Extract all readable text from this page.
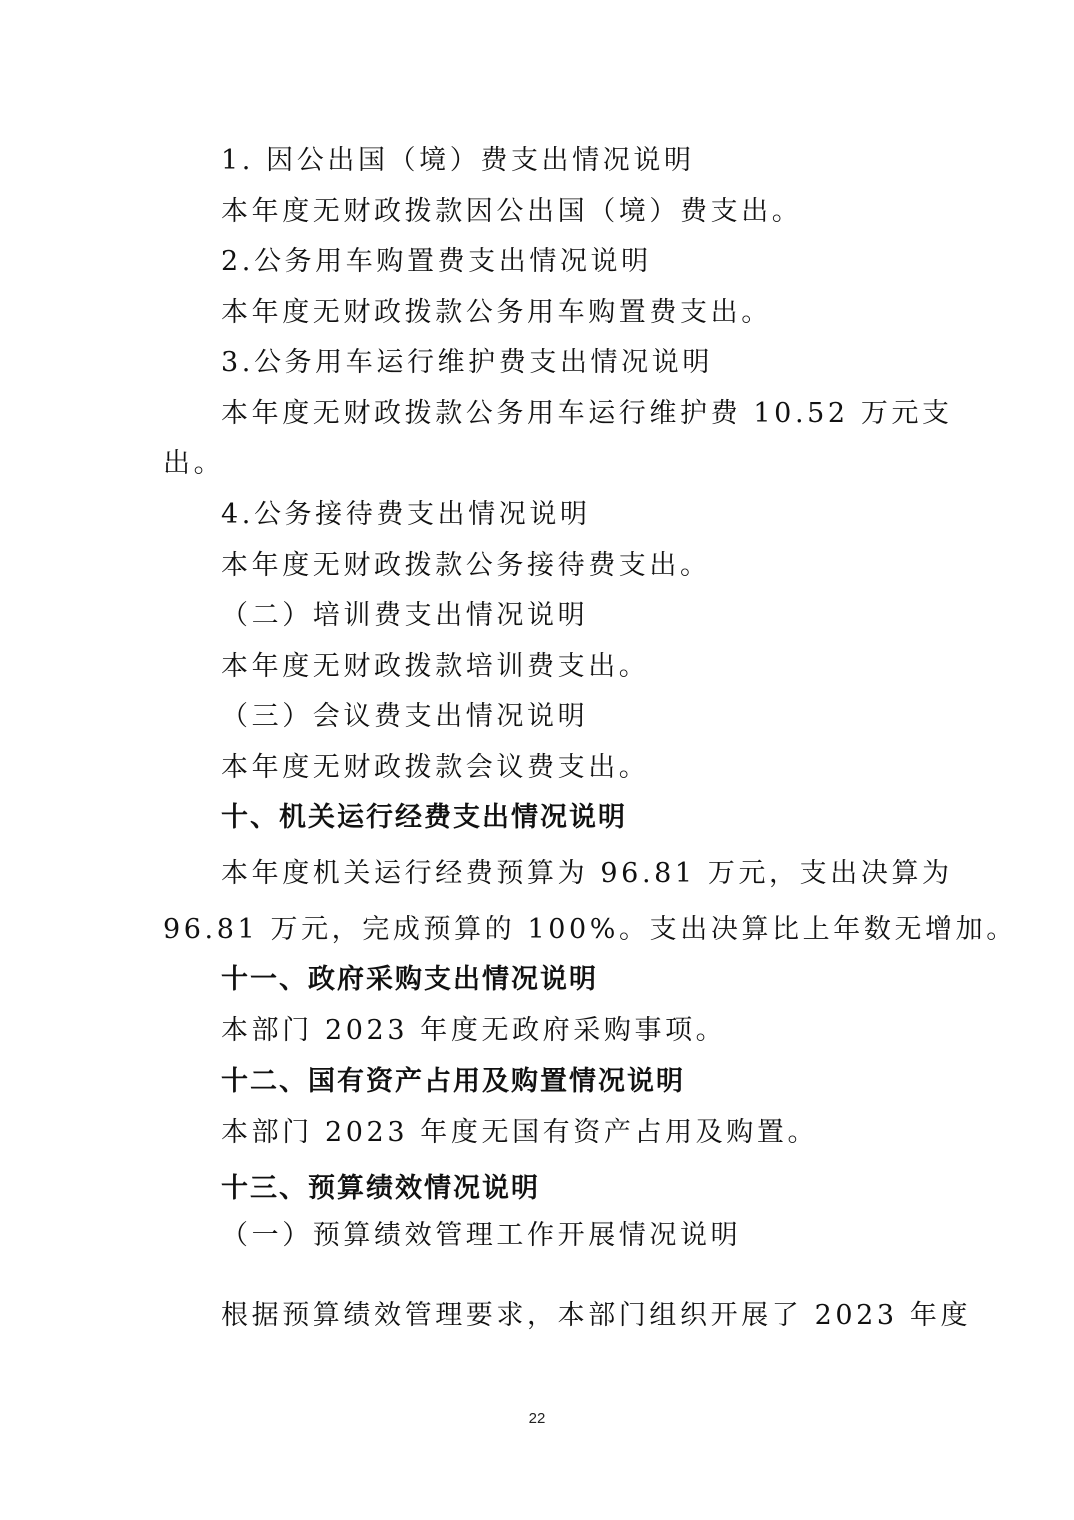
1. 因公出国（境）费支出情况说明
本年度无财政拨款因公出国（境）费支出。
2.公务用车购置费支出情况说明
本年度无财政拨款公务用车购置费支出。
3.公务用车运行维护费支出情况说明
本年度无财政拨款公务用车运行维护费 10.52 万元支
出。
4.公务接待费支出情况说明
本年度无财政拨款公务接待费支出。
（二）培训费支出情况说明
本年度无财政拨款培训费支出。
（三）会议费支出情况说明
本年度无财政拨款会议费支出。
十、机关运行经费支出情况说明
本年度机关运行经费预算为 96.81 万元，支出决算为
96.81 万元，完成预算的 100%。支出决算比上年数无增加。
十一、政府采购支出情况说明
本部门 2023 年度无政府采购事项。
十二、国有资产占用及购置情况说明
本部门 2023 年度无国有资产占用及购置。
十三、预算绩效情况说明
（一）预算绩效管理工作开展情况说明
根据预算绩效管理要求，本部门组织开展了 2023 年度
22
